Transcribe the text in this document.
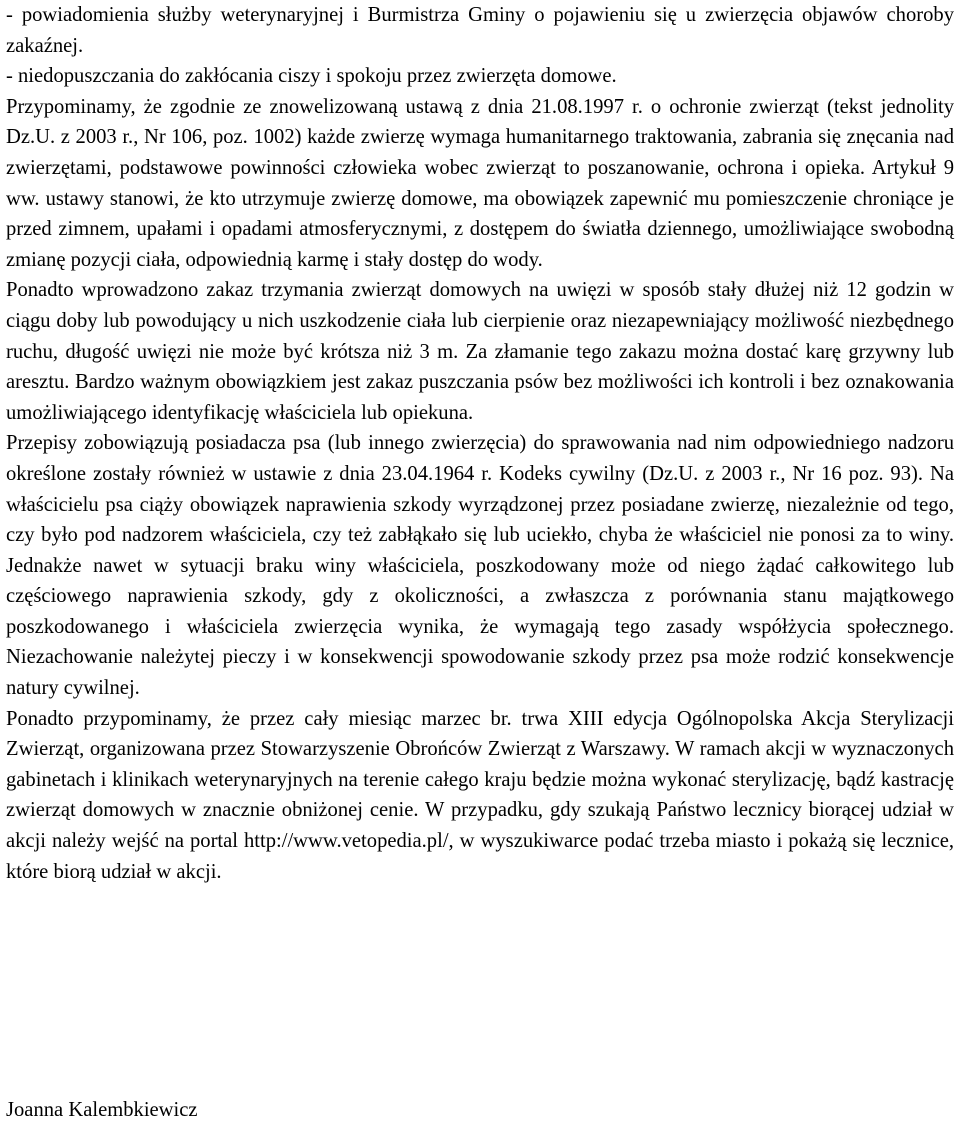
- powiadomienia służby weterynaryjnej i Burmistrza Gminy o pojawieniu się u zwierzęcia objawów choroby zakaźnej.

- niedopuszczania do zakłócania ciszy i spokoju przez zwierzęta domowe.

Przypominamy, że zgodnie ze znowelizowaną ustawą z dnia 21.08.1997 r. o ochronie zwierząt (tekst jednolity Dz.U. z 2003 r., Nr 106, poz. 1002) każde zwierzę wymaga humanitarnego traktowania, zabrania się znęcania nad zwierzętami, podstawowe powinności człowieka wobec zwierząt to poszanowanie, ochrona i opieka. Artykuł 9 ww. ustawy stanowi, że kto utrzymuje zwierzę domowe, ma obowiązek zapewnić mu pomieszczenie chroniące je przed zimnem, upałami i opadami atmosferycznymi, z dostępem do światła dziennego, umożliwiające swobodną zmianę pozycji ciała, odpowiednią karmę i stały dostęp do wody.

Ponadto wprowadzono zakaz trzymania zwierząt domowych na uwięzi w sposób stały dłużej niż 12 godzin w ciągu doby lub powodujący u nich uszkodzenie ciała lub cierpienie oraz niezapewniający możliwość niezbędnego ruchu, długość uwięzi nie może być krótsza niż 3 m. Za złamanie tego zakazu można dostać karę grzywny lub aresztu. Bardzo ważnym obowiązkiem jest zakaz puszczania psów bez możliwości ich kontroli i bez oznakowania umożliwiającego identyfikację właściciela lub opiekuna.

Przepisy zobowiązują posiadacza psa (lub innego zwierzęcia) do sprawowania nad nim odpowiedniego nadzoru określone zostały również w ustawie z dnia 23.04.1964 r. Kodeks cywilny (Dz.U. z 2003 r., Nr 16 poz. 93). Na właścicielu psa ciąży obowiązek naprawienia szkody wyrządzonej przez posiadane zwierzę, niezależnie od tego, czy było pod nadzorem właściciela, czy też zabłąkało się lub uciekło, chyba że właściciel nie ponosi za to winy. Jednakże nawet w sytuacji braku winy właściciela, poszkodowany może od niego żądać całkowitego lub częściowego naprawienia szkody, gdy z okoliczności, a zwłaszcza z porównania stanu majątkowego poszkodowanego i właściciela zwierzęcia wynika, że wymagają tego zasady współżycia społecznego. Niezachowanie należytej pieczy i w konsekwencji spowodowanie szkody przez psa może rodzić konsekwencje natury cywilnej.

Ponadto przypominamy, że przez cały miesiąc marzec br. trwa XIII edycja Ogólnopolska Akcja Sterylizacji Zwierząt, organizowana przez Stowarzyszenie Obrońców Zwierząt z Warszawy. W ramach akcji w wyznaczonych gabinetach i klinikach weterynaryjnych na terenie całego kraju będzie można wykonać sterylizację, bądź kastrację zwierząt domowych w znacznie obniżonej cenie. W przypadku, gdy szukają Państwo lecznicy biorącej udział w akcji należy wejść na portal http://www.vetopedia.pl/, w wyszukiwarce podać trzeba miasto i pokażą się lecznice, które biorą udział w akcji.

Joanna Kalembkiewicz
